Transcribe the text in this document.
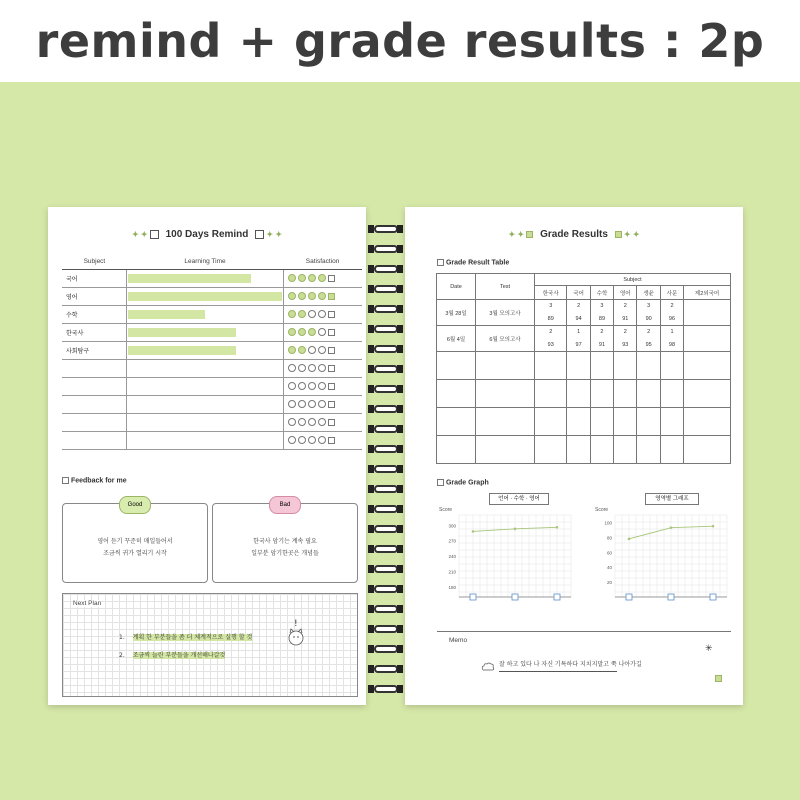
remind + grade results : 2p
✦ ✦  100 Days Remind  ✦ ✦
Subject	Learning Time	Satisfaction
국어	

영어	

수학	

한국사	

사회탐구	

Feedback for me
Good
영어 듣기 꾸준히 매일들어서
조금씩 귀가 열리기 시작
Bad
한국사 암기는 계속 필요
일부분 암기한곳은 개념들
Next Plan
1. 계획 한 부분들을 좀 더 체계적으로 실행 할 것
2. 조금씩 늘린 부분들을 개선해나갈것
!
✦ ✦  Grade Results  ✦ ✦
Grade Result Table
Date	Test	Subject						
		한국사	국어	수학	영어	생윤	사문	제2외국어
3월 28일	3월 모의고사	3	2	3	2	3	2	
		89	94	89	91	90	96	
6월 4일	6월 모의고사	2	1	2	2	2	1	
		93	97	91	93	95	98	

Grade Graph
언어 · 수학 · 영어
Score
300
270
240
210
180
영역별 그래프
Score
100
80
60
40
20
Memo
잘 하고 있다 나 자신 기특하다 지치지말고 쭉 나아가길
✳
